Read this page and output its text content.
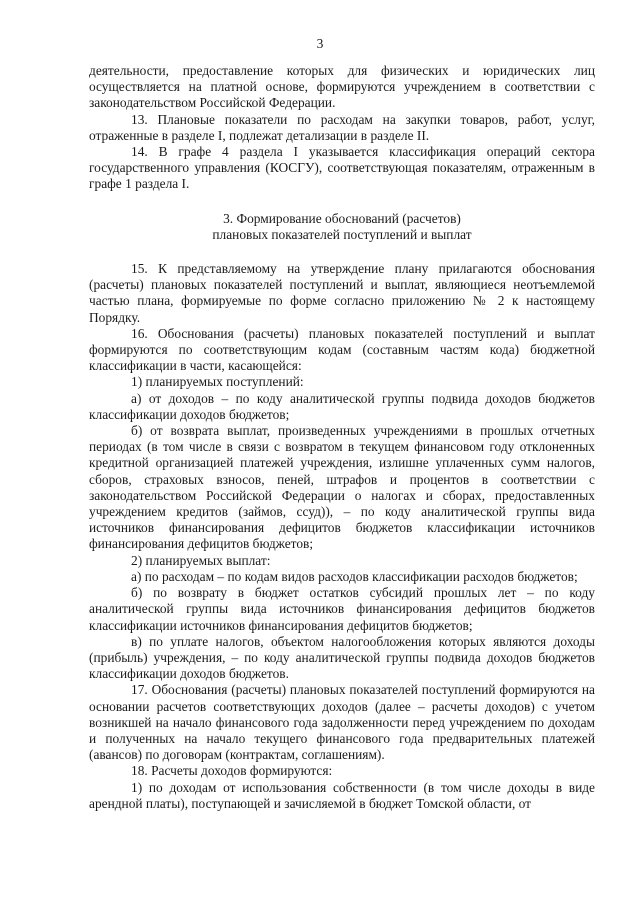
3

деятельности, предоставление которых для физических и юридических лиц осуществляется на платной основе, формируются учреждением в соответствии с законодательством Российской Федерации.

13. Плановые показатели по расходам на закупки товаров, работ, услуг, отраженные в разделе I, подлежат детализации в разделе II.

14. В графе 4 раздела I указывается классификация операций сектора государственного управления (КОСГУ), соответствующая показателям, отраженным в графе 1 раздела I.

3. Формирование обоснований (расчетов)
плановых показателей поступлений и выплат

15. К представляемому на утверждение плану прилагаются обоснования (расчеты) плановых показателей поступлений и выплат, являющиеся неотъемлемой частью плана, формируемые по форме согласно приложению № 2 к настоящему Порядку.

16. Обоснования (расчеты) плановых показателей поступлений и выплат формируются по соответствующим кодам (составным частям кода) бюджетной классификации в части, касающейся:

1) планируемых поступлений:

а) от доходов – по коду аналитической группы подвида доходов бюджетов классификации доходов бюджетов;

б) от возврата выплат, произведенных учреждениями в прошлых отчетных периодах (в том числе в связи с возвратом в текущем финансовом году отклоненных кредитной организацией платежей учреждения, излишне уплаченных сумм налогов, сборов, страховых взносов, пеней, штрафов и процентов в соответствии с законодательством Российской Федерации о налогах и сборах, предоставленных учреждением кредитов (займов, ссуд)), – по коду аналитической группы вида источников финансирования дефицитов бюджетов классификации источников финансирования дефицитов бюджетов;

2) планируемых выплат:

а) по расходам – по кодам видов расходов классификации расходов бюджетов;

б) по возврату в бюджет остатков субсидий прошлых лет – по коду аналитической группы вида источников финансирования дефицитов бюджетов классификации источников финансирования дефицитов бюджетов;

в) по уплате налогов, объектом налогообложения которых являются доходы (прибыль) учреждения, – по коду аналитической группы подвида доходов бюджетов классификации доходов бюджетов.

17. Обоснования (расчеты) плановых показателей поступлений формируются на основании расчетов соответствующих доходов (далее – расчеты доходов) с учетом возникшей на начало финансового года задолженности перед учреждением по доходам и полученных на начало текущего финансового года предварительных платежей (авансов) по договорам (контрактам, соглашениям).

18. Расчеты доходов формируются:

1) по доходам от использования собственности (в том числе доходы в виде арендной платы), поступающей и зачисляемой в бюджет Томской области, от
